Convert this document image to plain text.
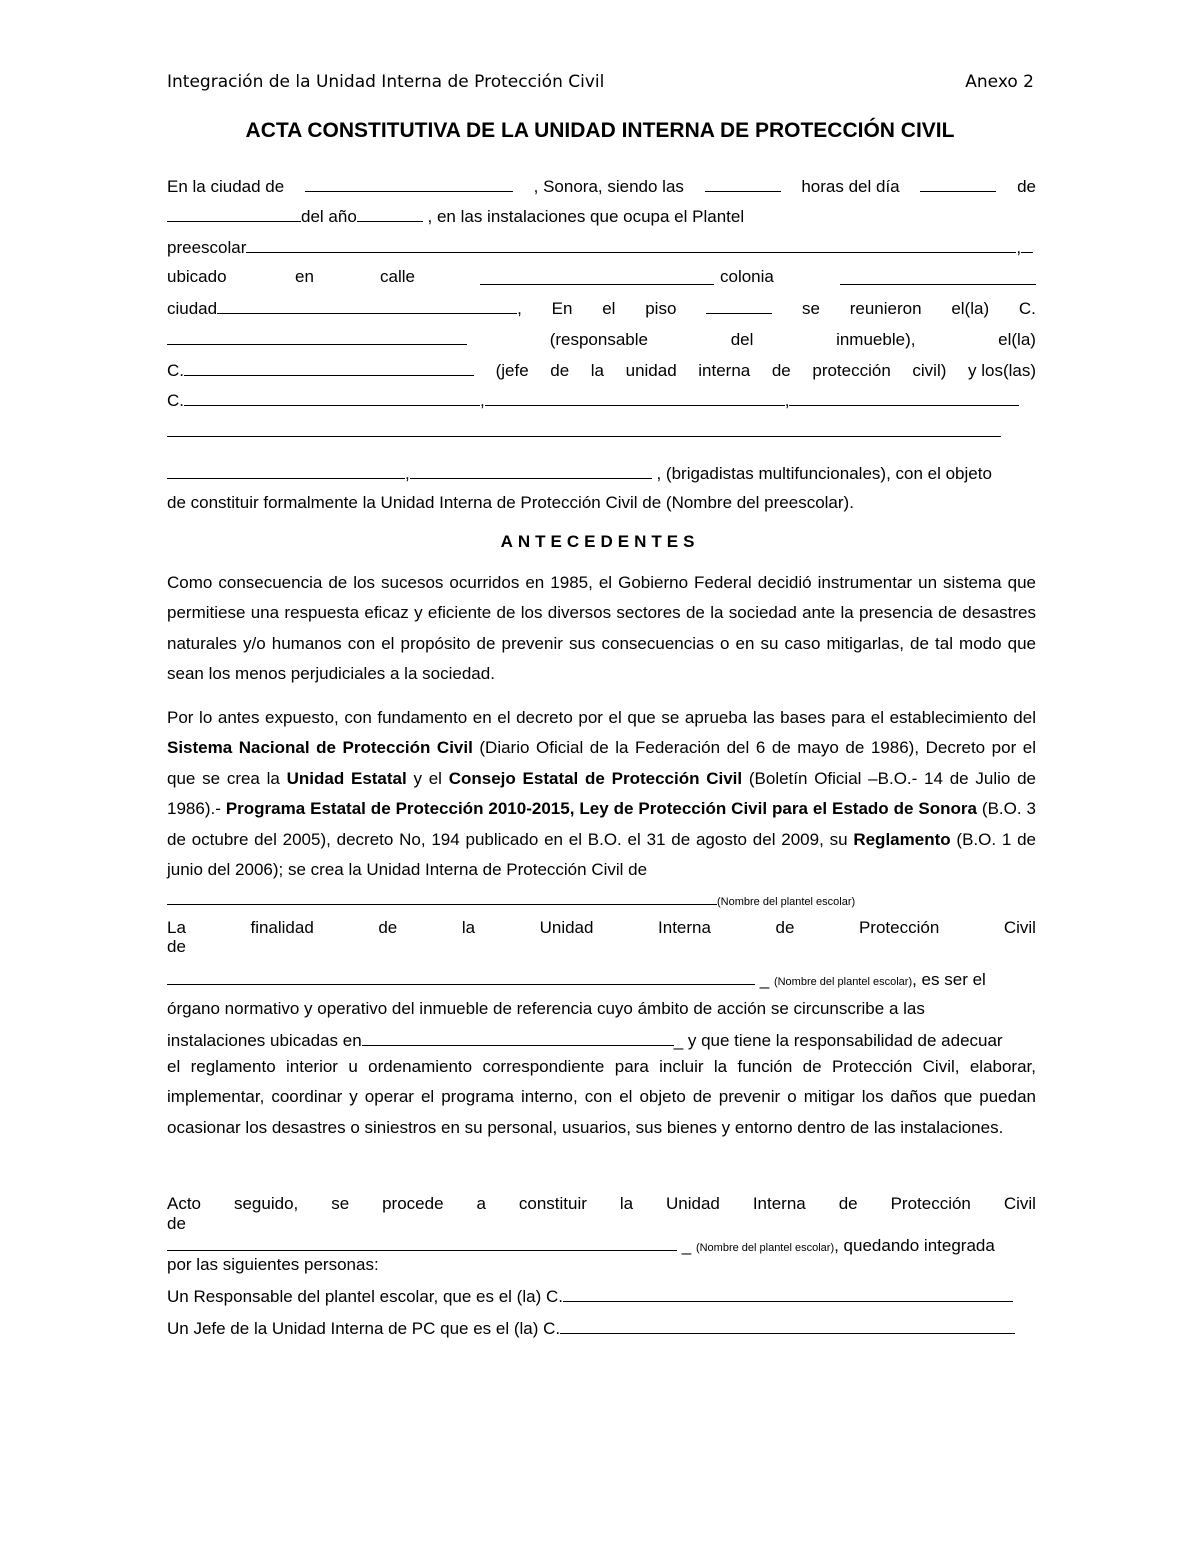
Integración de la Unidad Interna de Protección Civil	Anexo 2
ACTA CONSTITUTIVA DE LA UNIDAD INTERNA DE PROTECCIÓN CIVIL
En la ciudad de	, Sonora, siendo las	horas del día	de
del año	, en las instalaciones que ocupa el Plantel
preescolar	,
ubicado	en	calle	colonia
ciudad	, En el piso	se reunieron el(la) C.
(responsable	del	inmueble),	el(la)
C.	(jefe de la unidad interna de protección civil) y los(las)
C.	,	,
,	, (brigadistas multifuncionales), con el objeto
de constituir formalmente la Unidad Interna de Protección Civil de (Nombre del preescolar).
ANTECEDENTES
Como consecuencia de los sucesos ocurridos en 1985, el Gobierno Federal decidió instrumentar un sistema que permitiese una respuesta eficaz y eficiente de los diversos sectores de la sociedad ante la presencia de desastres naturales y/o humanos con el propósito de prevenir sus consecuencias o en su caso mitigarlas, de tal modo que sean los menos perjudiciales a la sociedad.
Por lo antes expuesto, con fundamento en el decreto por el que se aprueba las bases para el establecimiento del Sistema Nacional de Protección Civil (Diario Oficial de la Federación del 6 de mayo de 1986), Decreto por el que se crea la Unidad Estatal y el Consejo Estatal de Protección Civil (Boletín Oficial –B.O.- 14 de Julio de 1986).- Programa Estatal de Protección 2010-2015, Ley de Protección Civil para el Estado de Sonora (B.O. 3 de octubre del 2005), decreto No, 194 publicado en el B.O. el 31 de agosto del 2009, su Reglamento (B.O. 1 de junio del 2006); se crea la Unidad Interna de Protección Civil de
(Nombre del plantel escolar)
La	finalidad	de	la	Unidad	Interna	de	Protección	Civil
de
_ (Nombre del plantel escolar), es ser el
órgano normativo y operativo del inmueble de referencia cuyo ámbito de acción se circunscribe a las
instalaciones ubicadas en	_ y que tiene la responsabilidad de adecuar
el reglamento interior u ordenamiento correspondiente para incluir la función de Protección Civil, elaborar, implementar, coordinar y operar el programa interno, con el objeto de prevenir o mitigar los daños que puedan ocasionar los desastres o siniestros en su personal, usuarios, sus bienes y entorno dentro de las instalaciones.
Acto seguido, se procede a constituir la Unidad Interna de Protección Civil
de
_ (Nombre del plantel escolar), quedando integrada
por las siguientes personas:
Un Responsable del plantel escolar, que es el (la) C.
Un Jefe de la Unidad Interna de PC que es el (la) C.
